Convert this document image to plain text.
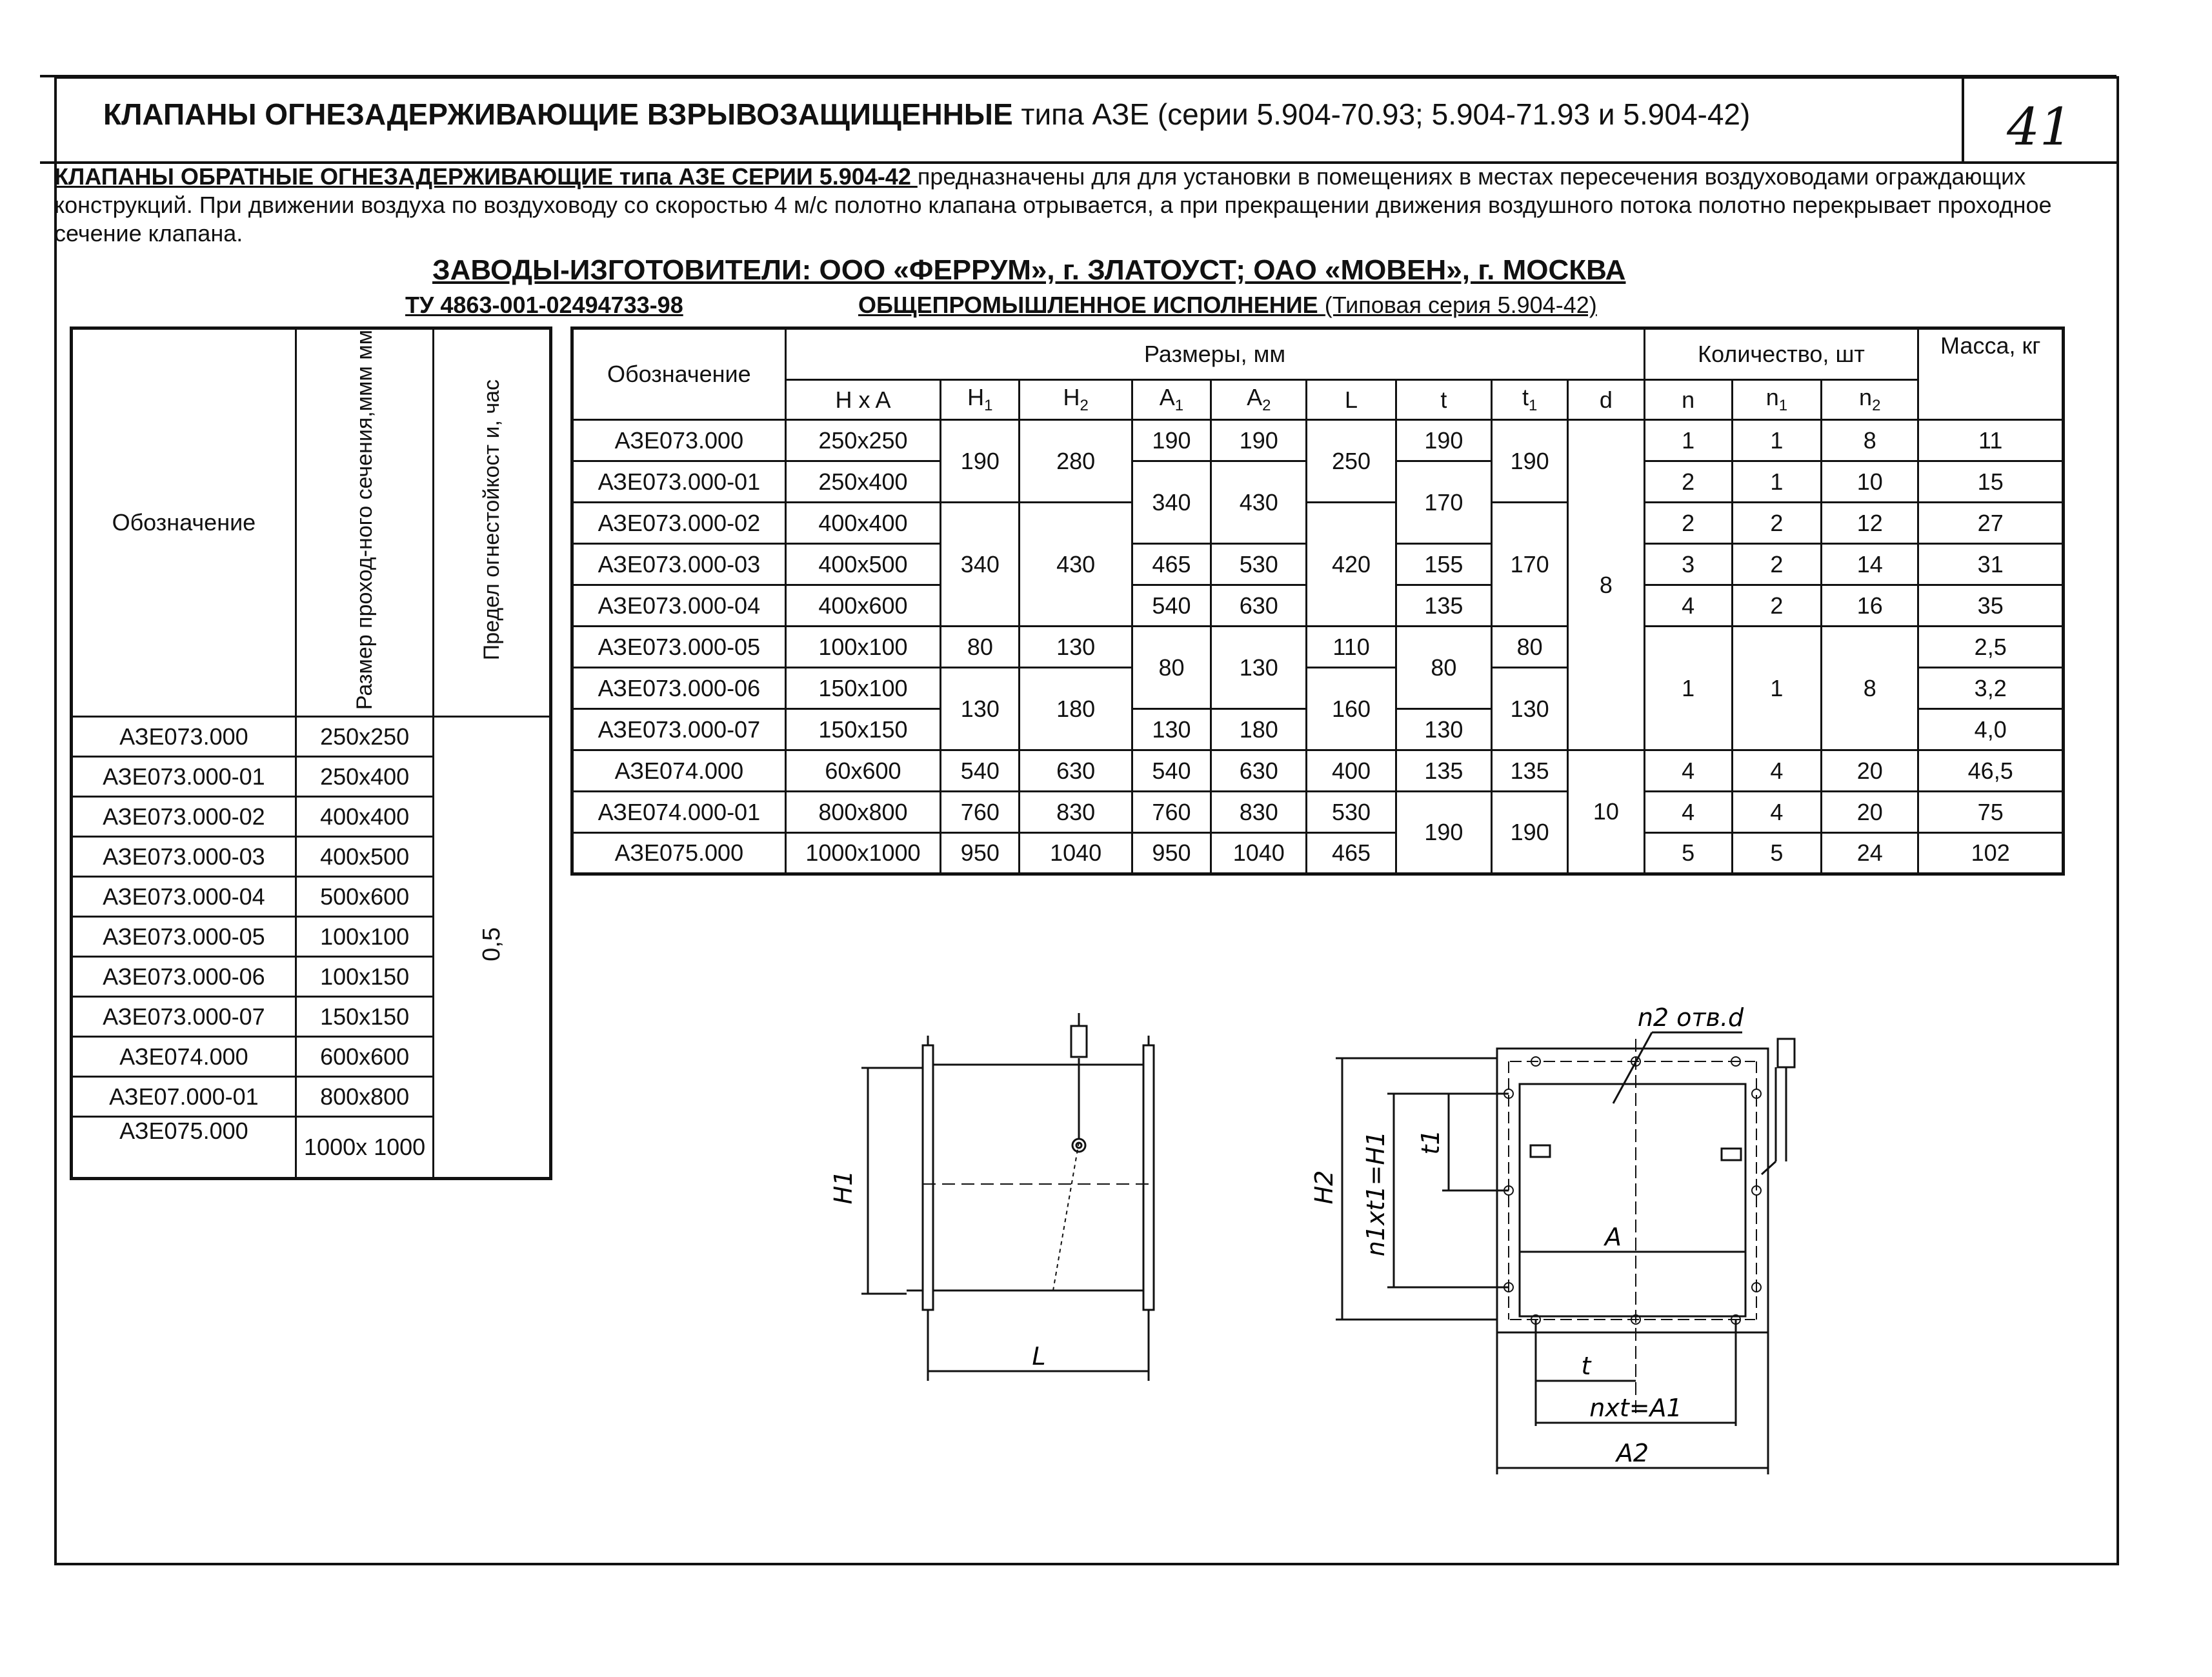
КЛАПАНЫ ОГНЕЗАДЕРЖИВАЮЩИЕ ВЗРЫВОЗАЩИЩЕННЫЕ типа АЗЕ (серии 5.904-70.93; 5.904-71.93 и 5.904-42)	41
КЛАПАНЫ ОБРАТНЫЕ ОГНЕЗАДЕРЖИВАЮЩИЕ типа АЗЕ СЕРИИ 5.904-42 предназначены для для установки в помещениях в местах пересечения воздуховодами ограждающих конструкций. При движении воздуха по воздуховоду со скоростью 4 м/с полотно клапана отрывается, а при прекращении движения воздушного потока полотно перекрывает проходное сечение клапана.
ЗАВОДЫ-ИЗГОТОВИТЕЛИ: ООО «ФЕРРУМ», г. ЗЛАТОУСТ; ОАО «МОВЕН», г. МОСКВА
ТУ 4863-001-02494733-98	ОБЩЕПРОМЫШЛЕННОЕ ИСПОЛНЕНИЕ (Типовая серия 5.904-42)
Обозначение	Размер проход-ного сечения,ммм мм	Предел огнестойкост и, час
АЗЕ073.000	250x250	0,5
АЗЕ073.000-01	250x400	
АЗЕ073.000-02	400x400	
АЗЕ073.000-03	400x500	
АЗЕ073.000-04	500x600	
АЗЕ073.000-05	100x100	
АЗЕ073.000-06	100x150	
АЗЕ073.000-07	150x150	
АЗЕ074.000	600x600	
АЗЕ07.000-01	800x800	
АЗЕ075.000	1000x 1000	
Обозначение	Размеры, мм									Количество, шт			Масса, кг
	H x A	$H_1$	$H_2$	$A_1$	$A_2$	L	t	$t_1$	d	n	$n_1$	$n_2$
АЗЕ073.000	250x250	190	280	190	190	250	190	190	8	1	1	8	11
АЗЕ073.000-01	250x400			340	430		170			2	1	10	15
АЗЕ073.000-02	400x400	340	430			420		170		2	2	12	27
АЗЕ073.000-03	400x500			465	530		155			3	2	14	31
АЗЕ073.000-04	400x600			540	630		135			4	2	16	35
АЗЕ073.000-05	100x100	80	130	80	130	110	80	80		1	1	8	2,5
АЗЕ073.000-06	150x100	130	180			160		130					3,2
АЗЕ073.000-07	150x150			130	180		130						4,0
АЗЕ074.000	60x600	540	630	540	630	400	135	135	10	4	4	20	46,5
АЗЕ074.000-01	800x800	760	830	760	830	530	190	190		4	4	20	75
АЗЕ075.000	1000x1000	950	1040	950	1040	465				5	5	24	102
H1
L
H2 n1xt1=H1 t1
A
t
nxt=A1
A2
n2 отв.d
